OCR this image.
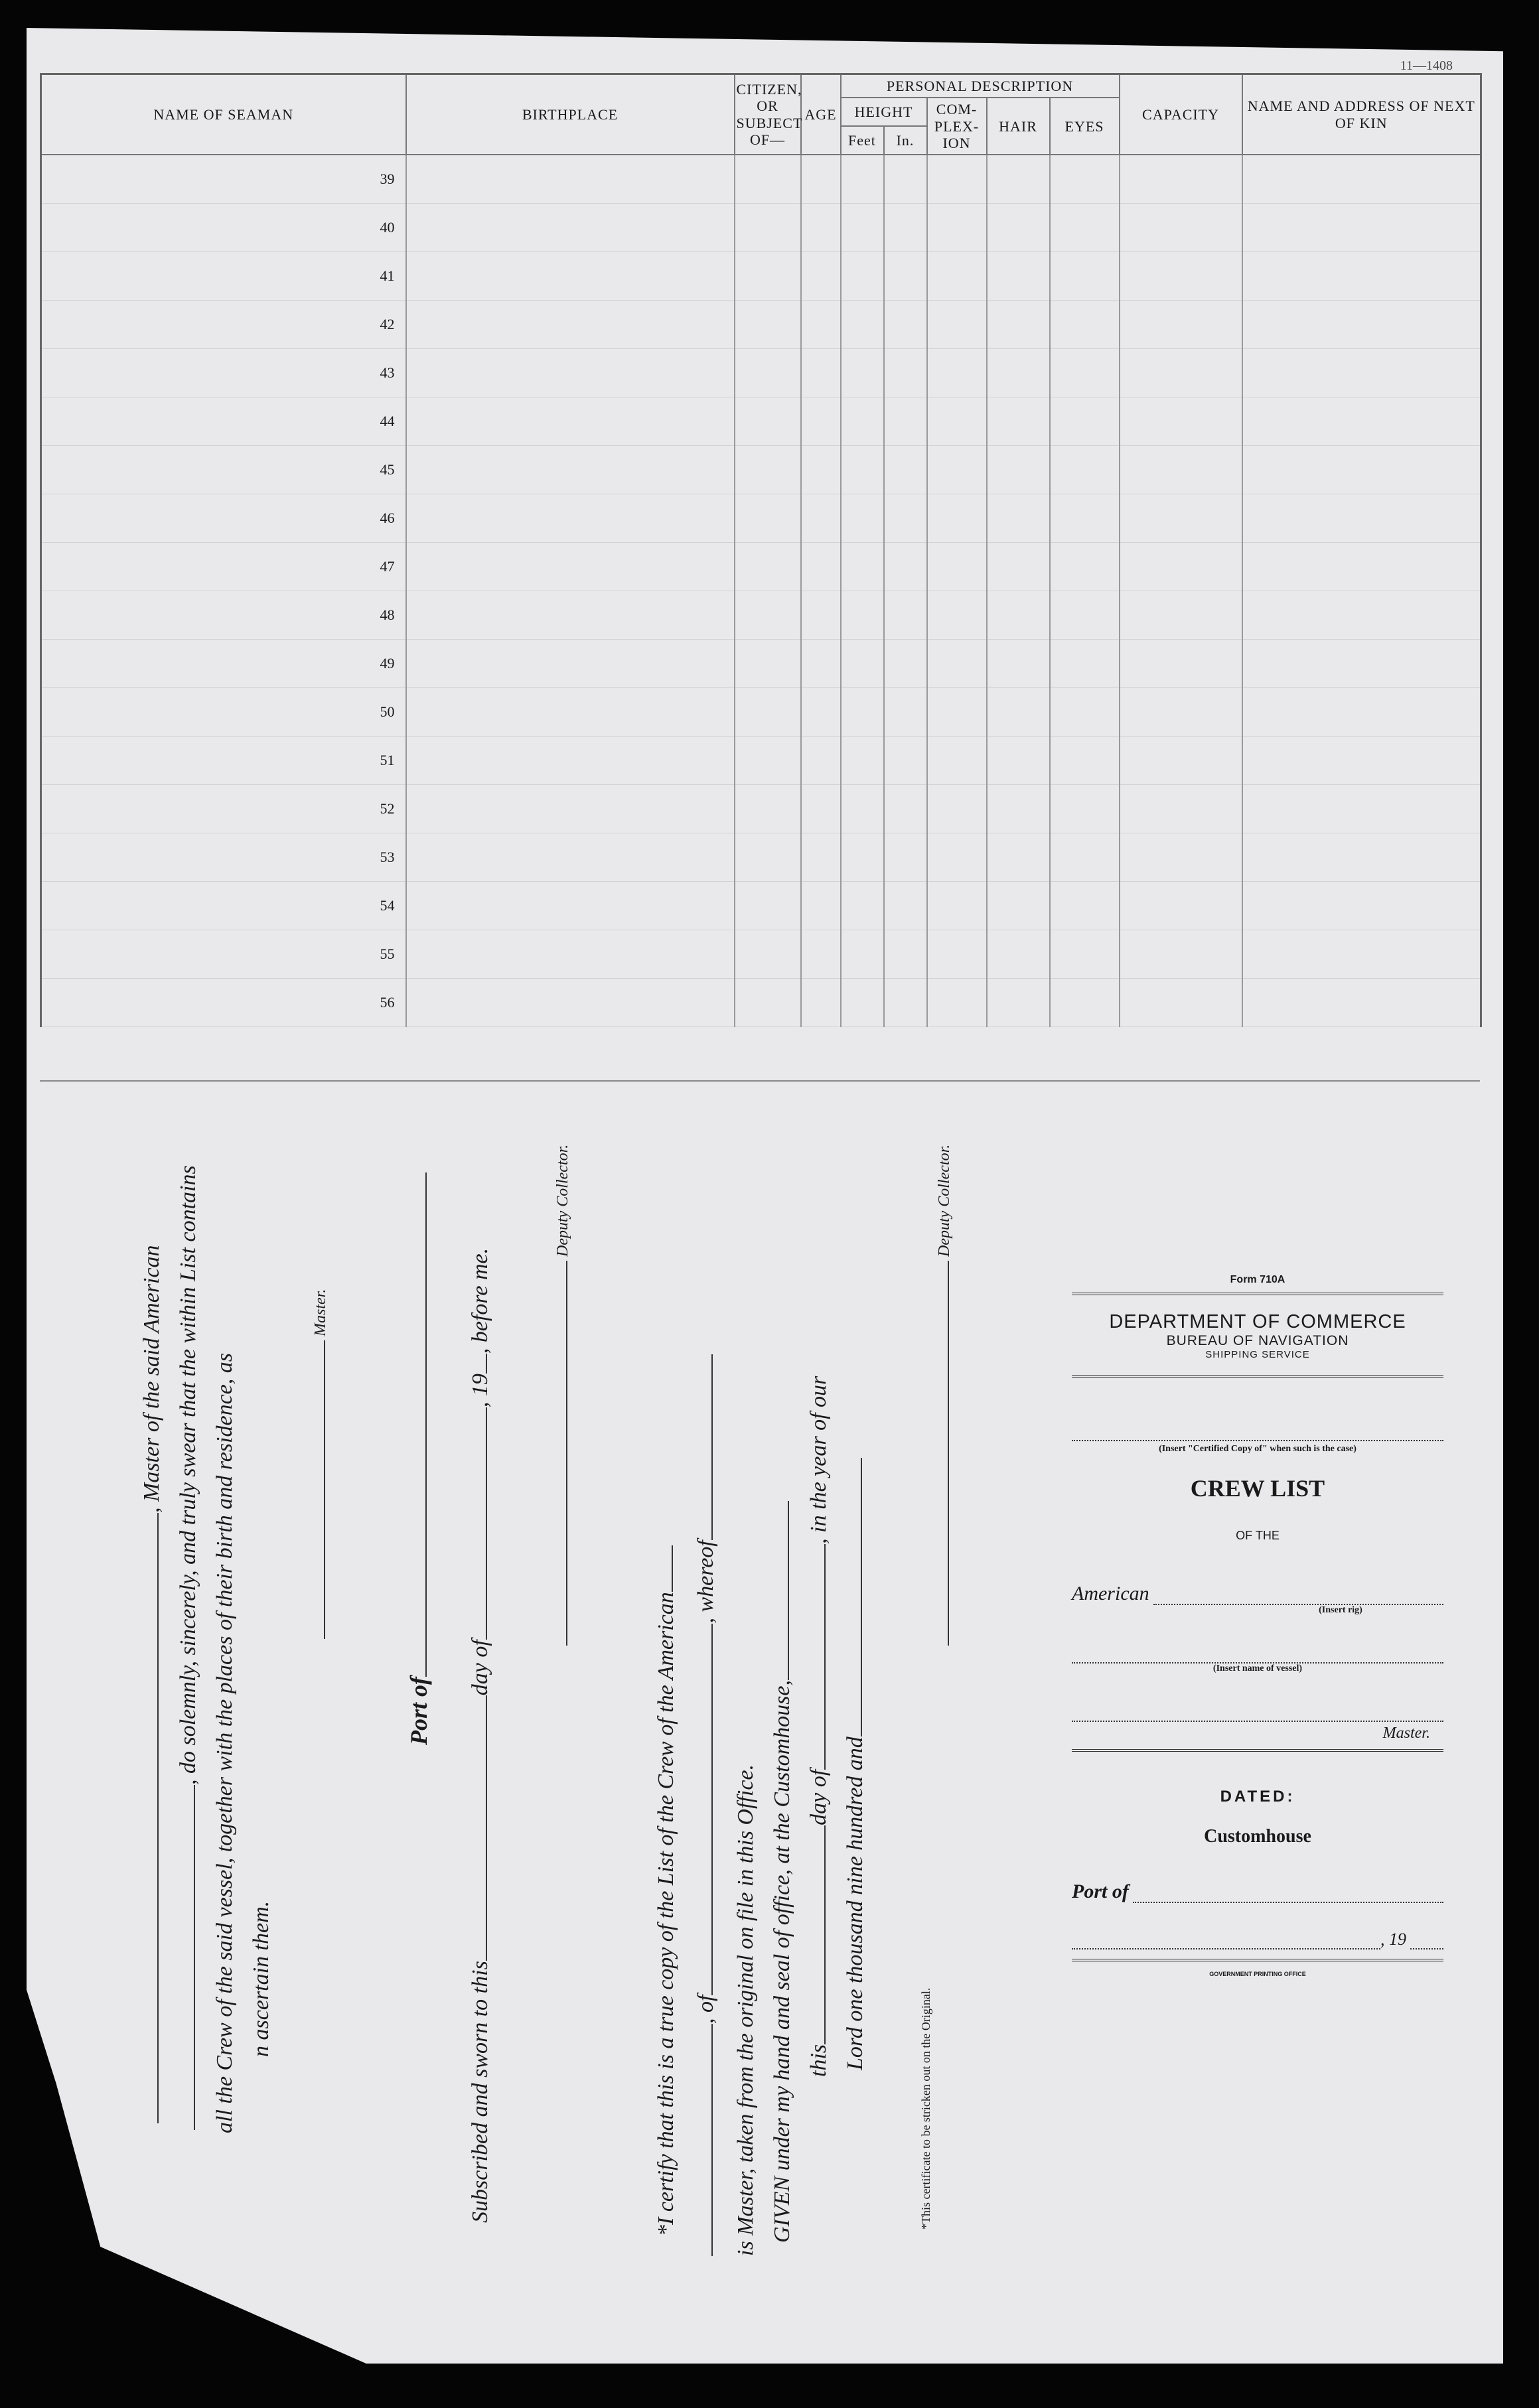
11—1408
NAME OF SEAMAN	BIRTHPLACE	CITIZEN, OR SUBJECT OF—	AGE	PERSONAL DESCRIPTION					CAPACITY	NAME AND ADDRESS OF NEXT OF KIN
				HEIGHT		COM-PLEX-ION	HAIR	EYES		
				Feet	In.					
39										
40										
41										
42										
43										
44										
45										
46										
47										
48										
49										
50										
51										
52										
53										
54										
55										
56										
, Master of the said American , do solemnly, sincerely, and truly swear that the within List contains all the Crew of the said vessel, together with the places of their birth and residence, as n ascertain them.
Master.
Port of
Subscribed and sworn to thisday of, 19, before me.
Deputy Collector.
*I certify that this is a true copy of the List of the Crew of the American , of, whereof
is Master, taken from the original on file in this Office. GIVEN under my hand and seal of office, at the Customhouse, thisday of, in the year of our
Lord one thousand nine hundred and
Deputy Collector.
*This certificate to be stricken out on the Original.
Form 710A
DEPARTMENT OF COMMERCE
BUREAU OF NAVIGATION
SHIPPING SERVICE
(Insert "Certified Copy of" when such is the case)
CREW LIST
OF THE
American
(Insert rig)
(Insert name of vessel)
Master.
DATED:
Customhouse
Port of
, 19
GOVERNMENT PRINTING OFFICE
